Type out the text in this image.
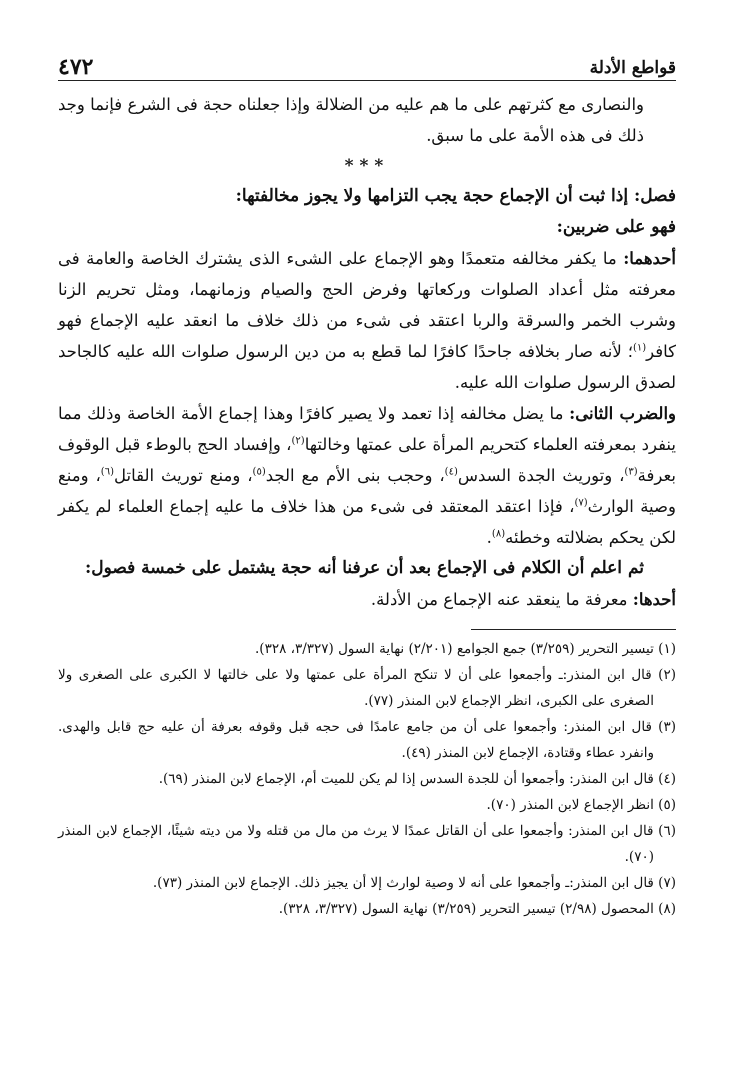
قواطع الأدلة
٤٧٢

والنصارى مع كثرتهم على ما هم عليه من الضلالة وإذا جعلناه حجة فى الشرع فإنما وجد ذلك فى هذه الأمة على ما سبق.

***

فصل: إذا ثبت أن الإجماع حجة يجب التزامها ولا يجوز مخالفتها:

فهو على ضربين:

أحدهما: ما يكفر مخالفه متعمدًا وهو الإجماع على الشىء الذى يشترك الخاصة والعامة فى معرفته مثل أعداد الصلوات وركعاتها وفرض الحج والصيام وزمانهما، ومثل تحريم الزنا وشرب الخمر والسرقة والربا اعتقد فى شىء من ذلك خلاف ما انعقد عليه الإجماع فهو كافر$^{(١)}$؛ لأنه صار بخلافه جاحدًا كافرًا لما قطع به من دين الرسول صلوات الله عليه كالجاحد لصدق الرسول صلوات الله عليه.

والضرب الثانى: ما يضل مخالفه إذا تعمد ولا يصير كافرًا وهذا إجماع الأمة الخاصة وذلك مما ينفرد بمعرفته العلماء كتحريم المرأة على عمتها وخالتها$^{(٢)}$، وإفساد الحج بالوطء قبل الوقوف بعرفة$^{(٣)}$، وتوريث الجدة السدس$^{(٤)}$، وحجب بنى الأم مع الجد$^{(٥)}$، ومنع توريث القاتل$^{(٦)}$، ومنع وصية الوارث$^{(٧)}$، فإذا اعتقد المعتقد فى شىء من هذا خلاف ما عليه إجماع العلماء لم يكفر لكن يحكم بضلالته وخطئه$^{(٨)}$.

ثم اعلم أن الكلام فى الإجماع بعد أن عرفنا أنه حجة يشتمل على خمسة فصول:

أحدها: معرفة ما ينعقد عنه الإجماع من الأدلة.

(١) تيسير التحرير (٣/٢٥٩) جمع الجوامع (٢/٢٠١) نهاية السول (٣/٣٢٧، ٣٢٨).

(٢) قال ابن المنذر:ـ وأجمعوا على أن لا تنكح المرأة على عمتها ولا على خالتها لا الكبرى على الصغرى ولا الصغرى على الكبرى، انظر الإجماع لابن المنذر (٧٧).

(٣) قال ابن المنذر: وأجمعوا على أن من جامع عامدًا فى حجه قبل وقوفه بعرفة أن عليه حج قابل والهدى. وانفرد عطاء وقتادة، الإجماع لابن المنذر (٤٩).

(٤) قال ابن المنذر: وأجمعوا أن للجدة السدس إذا لم يكن للميت أم، الإجماع لابن المنذر (٦٩).

(٥) انظر الإجماع لابن المنذر (٧٠).

(٦) قال ابن المنذر: وأجمعوا على أن القاتل عمدًا لا يرث من مال من قتله ولا من ديته شيئًا، الإجماع لابن المنذر (٧٠).

(٧) قال ابن المنذر:ـ وأجمعوا على أنه لا وصية لوارث إلا أن يجيز ذلك. الإجماع لابن المنذر (٧٣).

(٨) المحصول (٢/٩٨) تيسير التحرير (٣/٢٥٩) نهاية السول (٣/٣٢٧، ٣٢٨).
